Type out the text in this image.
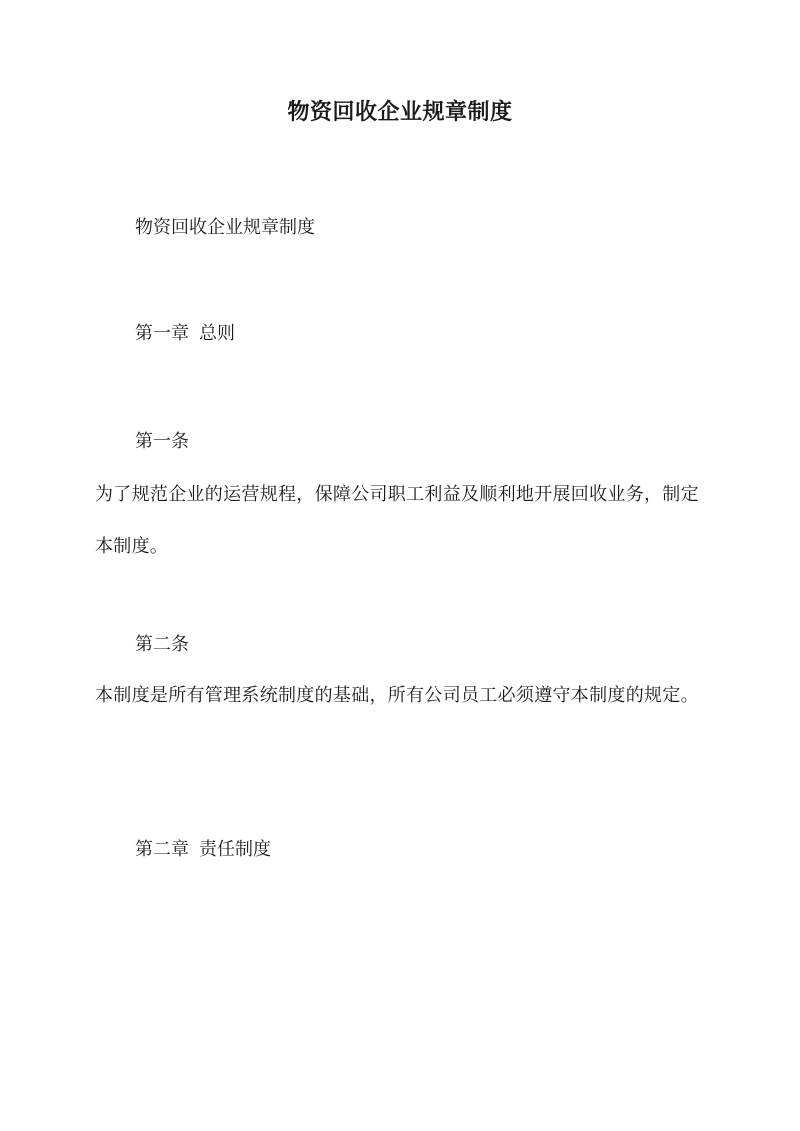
物资回收企业规章制度

物资回收企业规章制度

第一章 总则

第一条

为了规范企业的运营规程，保障公司职工利益及顺利地开展回收业务，制定本制度。

第二条

本制度是所有管理系统制度的基础，所有公司员工必须遵守本制度的规定。

第二章 责任制度
